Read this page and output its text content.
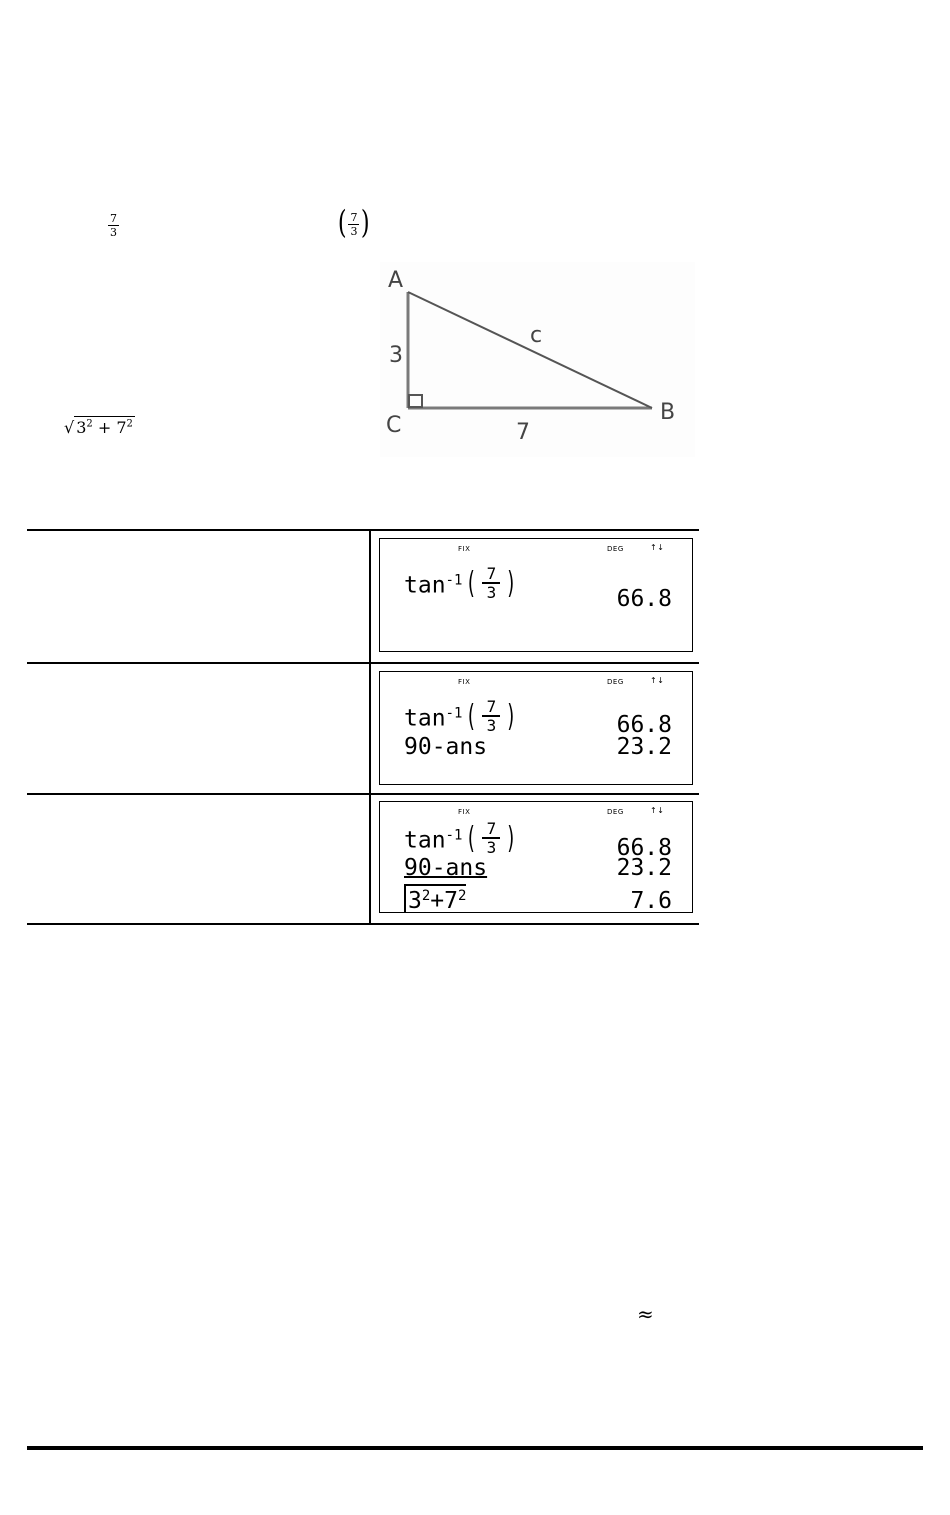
7
3	( $\frac{7}{3}$ )
√ $3^2 + 7^2$
A
B
C
3
7
c
FIX	DEG	↑↓
$\tan^{-1}$ ( $\frac{7}{3}$ )	66.8
FIX	DEG	↑↓
$\tan^{-1}$ ( $\frac{7}{3}$ )	66.8
90-ans	23.2
FIX	DEG	↑↓
$\tan^{-1}$ ( $\frac{7}{3}$ )	66.8
90-ans	23.2
$3^2+7^2$	7.6
≈
